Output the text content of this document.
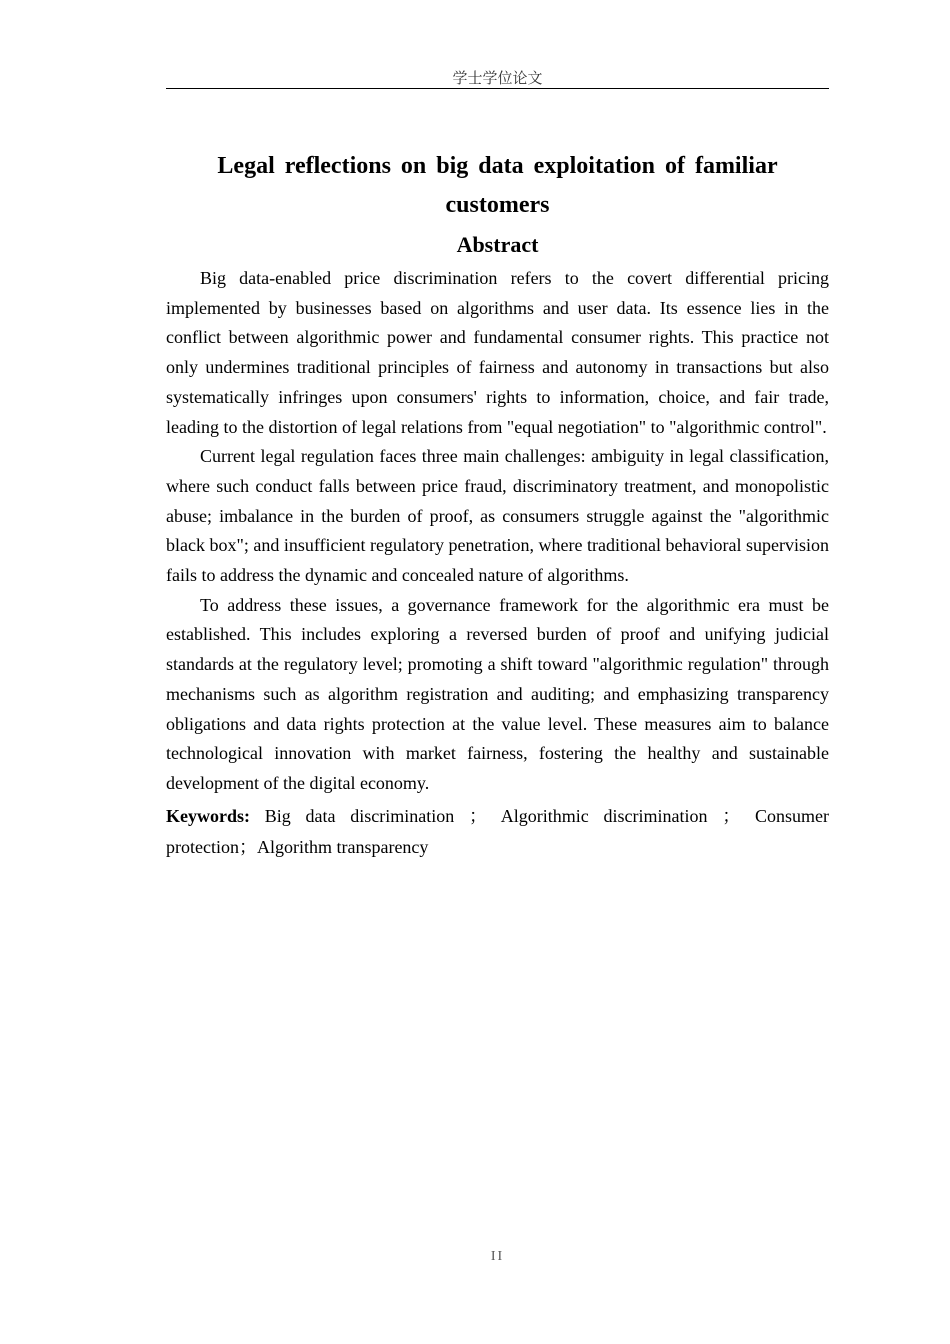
学士学位论文
Legal reflections on big data exploitation of familiar customers
Abstract

Big data-enabled price discrimination refers to the covert differential pricing implemented by businesses based on algorithms and user data. Its essence lies in the conflict between algorithmic power and fundamental consumer rights. This practice not only undermines traditional principles of fairness and autonomy in transactions but also systematically infringes upon consumers' rights to information, choice, and fair trade, leading to the distortion of legal relations from "equal negotiation" to "algorithmic control".

Current legal regulation faces three main challenges: ambiguity in legal classification, where such conduct falls between price fraud, discriminatory treatment, and monopolistic abuse; imbalance in the burden of proof, as consumers struggle against the "algorithmic black box"; and insufficient regulatory penetration, where traditional behavioral supervision fails to address the dynamic and concealed nature of algorithms.

To address these issues, a governance framework for the algorithmic era must be established. This includes exploring a reversed burden of proof and unifying judicial standards at the regulatory level; promoting a shift toward "algorithmic regulation" through mechanisms such as algorithm registration and auditing; and emphasizing transparency obligations and data rights protection at the value level. These measures aim to balance technological innovation with market fairness, fostering the healthy and sustainable development of the digital economy.

Keywords: Big data discrimination ； Algorithmic discrimination ； Consumer protection；Algorithm transparency

II
